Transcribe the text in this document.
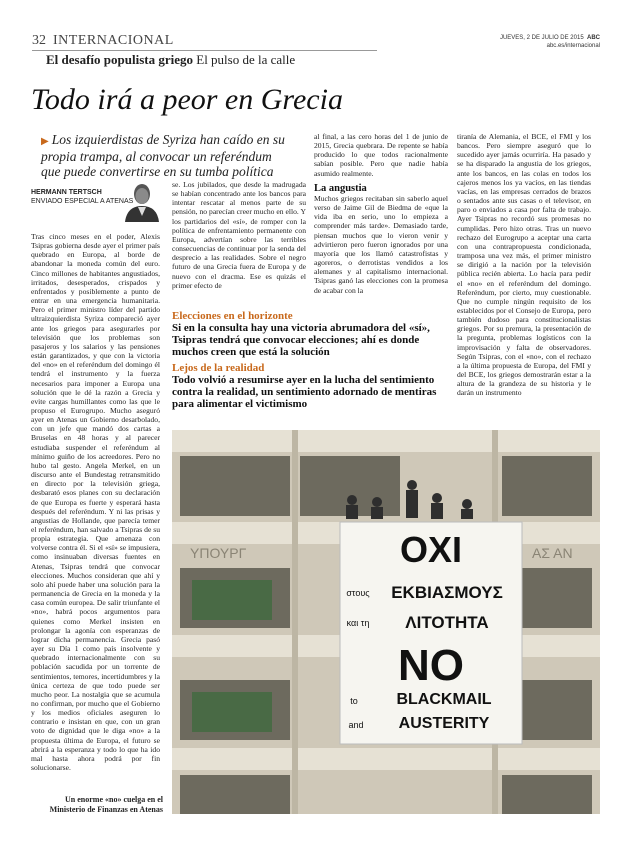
32 INTERNACIONAL
El desafío populista griego El pulso de la calle
JUEVES, 2 DE JULIO DE 2015 ABC
abc.es/internacional
Todo irá a peor en Grecia
▶ Los izquierdistas de Syriza han caído en su propia trampa, al convocar un referéndum que puede convertirse en su tumba política
HERMANN TERTSCH
ENVIADO ESPECIAL A ATENAS
Tras cinco meses en el poder, Alexis Tsipras gobierna desde ayer el primer país quebrado en Europa, al borde de abandonar la moneda común del euro. Cinco millones de habitantes angustiados, irritados, desesperados, crispados y enfrentados y posiblemente a punto de entrar en una emergencia humanitaria. Pero el primer ministro líder del partido ultraizquierdista Syriza compareció ayer ante los griegos para asegurarles por televisión que los problemas son pasajeros y los salarios y las pensiones están garantizados, y que con la victoria del «no» en el referéndum del domingo él tendrá el instrumento y la fuerza necesarios para imponer a Europa una solución que le dé la razón a Grecia y evite cargas humillantes como las que le propuso el Eurogrupo. Mucho aseguró ayer en Atenas un Gobierno desarbolado, con un jefe que mandó dos cartas a Bruselas en 48 horas y al parecer estudiaba suspender el referéndum al mínimo guiño de los acreedores. Pero no hubo tal gesto. Angela Merkel, en un discurso ante el Bundestag retransmitido en directo por la televisión griega, desbarató esos planes con su declaración de que Europa es fuerte y esperará hasta después del referéndum. Y ni las prisas y angustias de Hollande, que parecía temer el referéndum, han salvado a Tsipras de su propia estrategia. Que amenaza con volverse contra él. Si el «sí» se impusiera, como insinuaban diversas fuentes en Atenas, Tsipras tendrá que convocar elecciones. Muchos consideran que ahí y solo ahí puede haber una solución para la permanencia de Grecia en la moneda y la casa común europea. De salir triunfante el «no», habrá pocos argumentos para quienes como Merkel insisten en prolongar la agonía con esperanzas de lograr dicha permanencia. Grecia pasó ayer su Día 1 como país insolvente y quebrado internacionalmente con su población sacudida por un torrente de sentimientos, temores, incertidumbres y la única certeza de que todo puede ser mucho peor. La nostalgia que se acumula no confirman, por mucho que el Gobierno y los medios oficiales aseguren lo contrario e insistan en que, con un gran voto de dignidad que le diga «no» a la propuesta última de Europa, el futuro se abrirá a la esperanza y todo lo que ha ido mal hasta ahora podrá por fin solucionarse.
se. Los jubilados, que desde la madrugada se habían concentrado ante los bancos para intentar rescatar al menos parte de su pensión, no parecían creer mucho en ello. Y los partidarios del «sí», de romper con la política de enfrentamiento permanente con Europa, advertían sobre las terribles consecuencias de continuar por la senda del desprecio a las realidades. Sobre el negro futuro de una Grecia fuera de Europa y de nuevo con el dracma. Ese es quizás el primer efecto de
al final, a las cero horas del 1 de junio de 2015, Grecia quebrara. De repente se había producido lo que todos racionalmente sabían posible. Pero que nadie había asumido realmente.
La angustia
Muchos griegos recitaban sin saberlo aquel verso de Jaime Gil de Biedma de «que la vida iba en serio, uno lo empieza a comprender más tarde». Demasiado tarde, piensan muchos que lo vieron venir y advirtieron pero fueron ignorados por una mayoría que los llamó catastrofistas y agoreros, o derrotistas vendidos a los alemanes y al capitalismo internacional. Tsipras ganó las elecciones con la promesa de acabar con la
tiranía de Alemania, el BCE, el FMI y los bancos. Pero siempre aseguró que lo sucedido ayer jamás ocurriría. Ha pasado y se ha disparado la angustia de los griegos, ante los bancos, en las colas en todos los cajeros menos los ya vacíos, en las tiendas vacías, en las empresas cerrados de brazos o sentados ante sus casas o el televisor, en paro o enviados a casa por falta de trabajo. Ayer Tsipras no recordó sus promesas no cumplidas. Pero hizo otras. Tras un nuevo rechazo del Eurogrupo a aceptar una carta con una contrapropuesta condicionada, tramposa una vez más, el primer ministro se dirigió a la nación por la televisión pública recién abierta. Lo hacía para pedir el «no» en el referéndum del domingo. Referéndum, por cierto, muy cuestionable. Que no cumple ningún requisito de los establecidos por el Consejo de Europa, pero también dudoso para constitucionalistas griegos. Por su premura, la presentación de la pregunta, problemas logísticos con la improvisación y falta de observadores. Según Tsipras, con el «no», con el rechazo a la última propuesta de Europa, del FMI y del BCE, los griegos demostrarán estar a la altura de la grandeza de su historia y le darán un instrumento
Elecciones en el horizonte
Si en la consulta hay una victoria abrumadora del «sí», Tsipras tendrá que convocar elecciones; ahí es donde muchos creen que está la solución
Lejos de la realidad
Todo volvió a resumirse ayer en la lucha del sentimiento contra la realidad, un sentimiento adornado de mentiras para alimentar el victimismo
ΥΠΟΥΡΓ	ΑΣ ΑΝ
ΟΧΙ
στους ΕΚΒΙΑΣΜΟΥΣ
και τη ΛΙΤΟΤΗΤΑ
NO
to BLACKMAIL
and AUSTERITY
Un enorme «no» cuelga en el Ministerio de Finanzas en Atenas
